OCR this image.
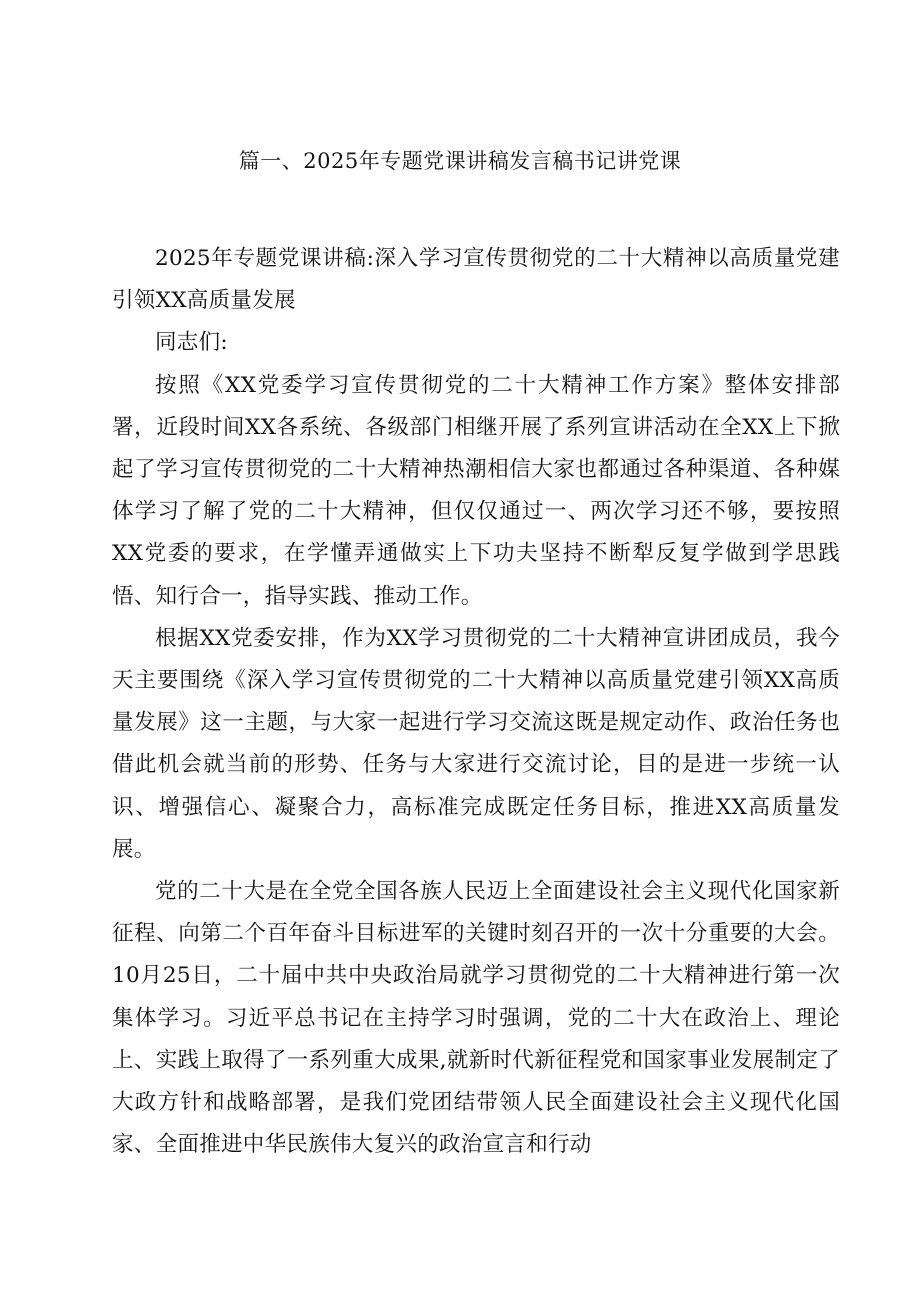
篇一、2025年专题党课讲稿发言稿书记讲党课

2025年专题党课讲稿:深入学习宣传贯彻党的二十大精神以高质量党建引领XX高质量发展

同志们:

按照《XX党委学习宣传贯彻党的二十大精神工作方案》整体安排部署，近段时间XX各系统、各级部门相继开展了系列宣讲活动在全XX上下掀起了学习宣传贯彻党的二十大精神热潮相信大家也都通过各种渠道、各种媒体学习了解了党的二十大精神，但仅仅通过一、两次学习还不够，要按照XX党委的要求，在学懂弄通做实上下功夫坚持不断犁反复学做到学思践悟、知行合一，指导实践、推动工作。

根据XX党委安排，作为XX学习贯彻党的二十大精神宣讲团成员，我今天主要围绕《深入学习宣传贯彻党的二十大精神以高质量党建引领XX高质量发展》这一主题，与大家一起进行学习交流这既是规定动作、政治任务也借此机会就当前的形势、任务与大家进行交流讨论，目的是进一步统一认识、增强信心、凝聚合力，高标准完成既定任务目标，推进XX高质量发展。

党的二十大是在全党全国各族人民迈上全面建设社会主义现代化国家新征程、向第二个百年奋斗目标进军的关键时刻召开的一次十分重要的大会。10月25日，二十届中共中央政治局就学习贯彻党的二十大精神进行第一次集体学习。习近平总书记在主持学习时强调，党的二十大在政治上、理论上、实践上取得了一系列重大成果,就新时代新征程党和国家事业发展制定了大政方针和战略部署，是我们党团结带领人民全面建设社会主义现代化国家、全面推进中华民族伟大复兴的政治宣言和行动
